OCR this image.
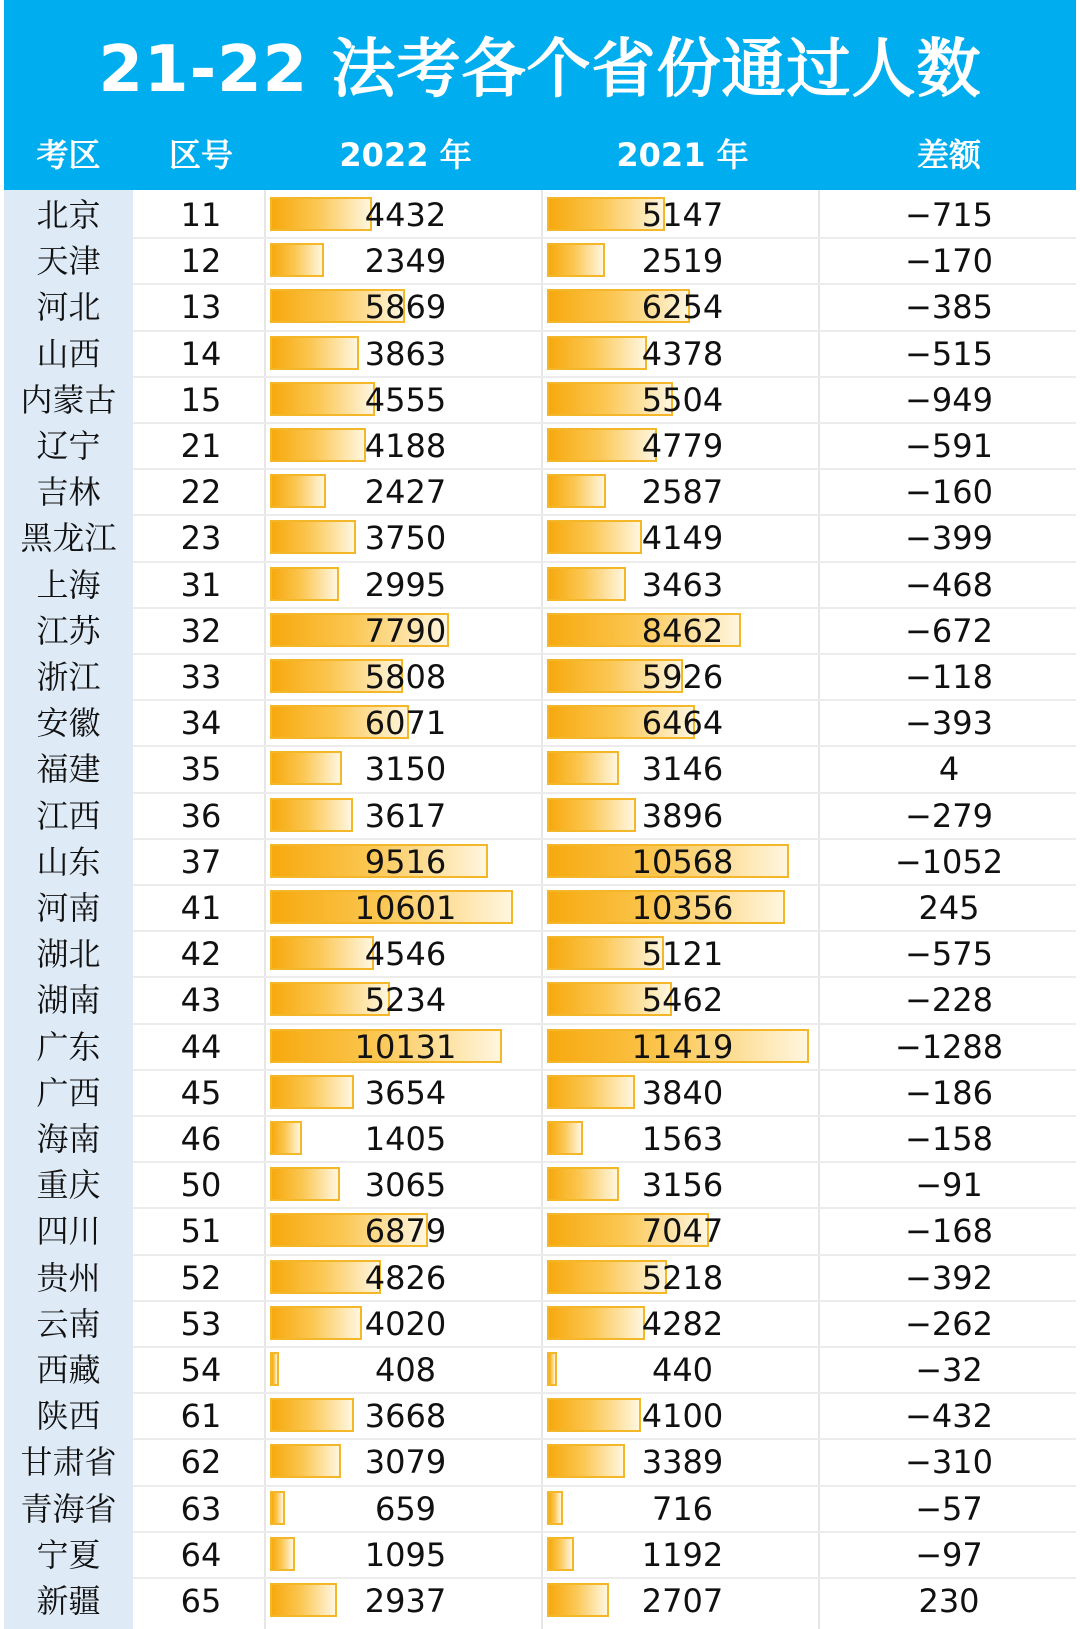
21-22 法考各个省份通过人数
考区	区号	2022 年	2021 年	差额
北京	11	4432	5147	−715
天津	12	2349	2519	−170
河北	13	5869	6254	−385
山西	14	3863	4378	−515
内蒙古	15	4555	5504	−949
辽宁	21	4188	4779	−591
吉林	22	2427	2587	−160
黑龙江	23	3750	4149	−399
上海	31	2995	3463	−468
江苏	32	7790	8462	−672
浙江	33	5808	5926	−118
安徽	34	6071	6464	−393
福建	35	3150	3146	4
江西	36	3617	3896	−279
山东	37	9516	10568	−1052
河南	41	10601	10356	245
湖北	42	4546	5121	−575
湖南	43	5234	5462	−228
广东	44	10131	11419	−1288
广西	45	3654	3840	−186
海南	46	1405	1563	−158
重庆	50	3065	3156	−91
四川	51	6879	7047	−168
贵州	52	4826	5218	−392
云南	53	4020	4282	−262
西藏	54	408	440	−32
陕西	61	3668	4100	−432
甘肃省	62	3079	3389	−310
青海省	63	659	716	−57
宁夏	64	1095	1192	−97
新疆	65	2937	2707	230
